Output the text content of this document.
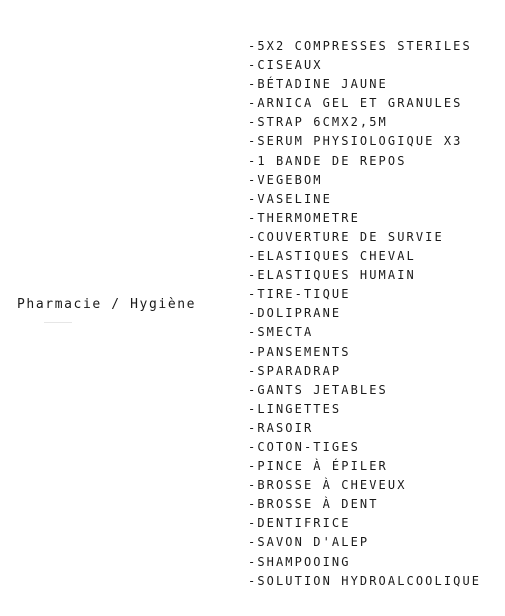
Pharmacie / Hygiène
-5X2 COMPRESSES STERILES
-CISEAUX
-BÉTADINE JAUNE
-ARNICA GEL ET GRANULES
-STRAP 6CMX2,5M
-SERUM PHYSIOLOGIQUE X3
-1 BANDE DE REPOS
-VEGEBOM
-VASELINE
-THERMOMETRE
-COUVERTURE DE SURVIE
-ELASTIQUES CHEVAL
-ELASTIQUES HUMAIN
-TIRE-TIQUE
-DOLIPRANE
-SMECTA
-PANSEMENTS
-SPARADRAP
-GANTS JETABLES
-LINGETTES
-RASOIR
-COTON-TIGES
-PINCE À ÉPILER
-BROSSE À CHEVEUX
-BROSSE À DENT
-DENTIFRICE
-SAVON D'ALEP
-SHAMPOOING
-SOLUTION HYDROALCOOLIQUE
